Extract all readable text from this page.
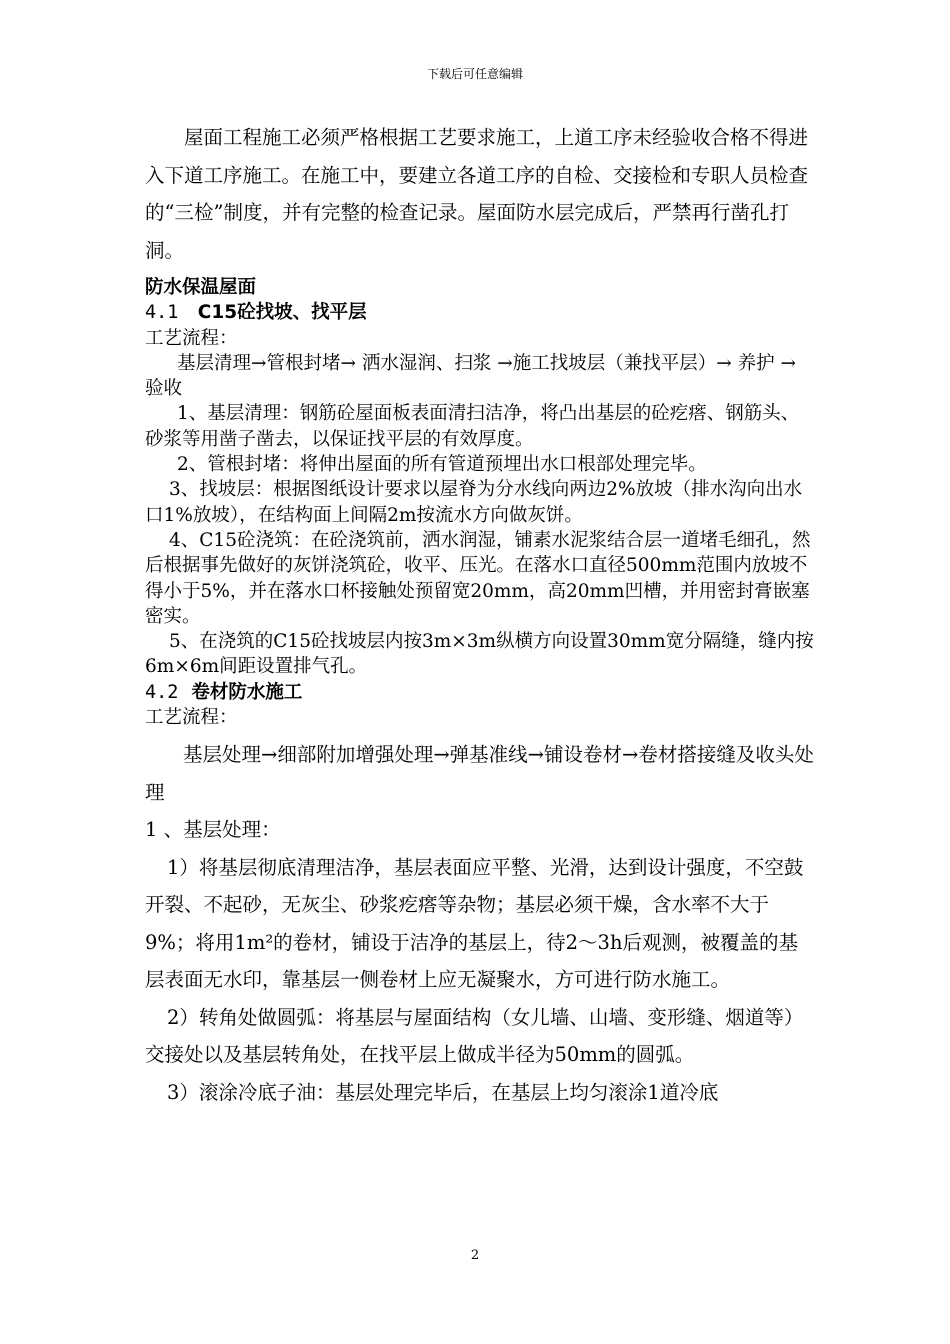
下载后可任意编辑

屋面工程施工必须严格根据工艺要求施工，上道工序未经验收合格不得进入下道工序施工。在施工中，要建立各道工序的自检、交接检和专职人员检查的“三检”制度，并有完整的检查记录。屋面防水层完成后，严禁再行凿孔打洞。

防水保温屋面

4.1 C15砼找坡、找平层

工艺流程：

基层清理→管根封堵→ 洒水湿润、扫浆 →施工找坡层（兼找平层）→ 养护 → 验收

1、基层清理：钢筋砼屋面板表面清扫洁净，将凸出基层的砼疙瘩、钢筋头、砂浆等用凿子凿去，以保证找平层的有效厚度。

2、管根封堵：将伸出屋面的所有管道预埋出水口根部处理完毕。

3、找坡层：根据图纸设计要求以屋脊为分水线向两边2%放坡（排水沟向出水口1%放坡），在结构面上间隔2m按流水方向做灰饼。

4、C15砼浇筑：在砼浇筑前，洒水润湿，铺素水泥浆结合层一道堵毛细孔，然后根据事先做好的灰饼浇筑砼，收平、压光。在落水口直径500mm范围内放坡不得小于5%，并在落水口杯接触处预留宽20mm，高20mm凹槽，并用密封膏嵌塞密实。

5、在浇筑的C15砼找坡层内按3m×3m纵横方向设置30mm宽分隔缝，缝内按6m×6m间距设置排气孔。

4.2 卷材防水施工

工艺流程：

基层处理→细部附加增强处理→弹基准线→铺设卷材→卷材搭接缝及收头处理

1 、基层处理：

1）将基层彻底清理洁净，基层表面应平整、光滑，达到设计强度，不空鼓开裂、不起砂，无灰尘、砂浆疙瘩等杂物；基层必须干燥，含水率不大于9%；将用1m²的卷材，铺设于洁净的基层上，待2～3h后观测，被覆盖的基层表面无水印，靠基层一侧卷材上应无凝聚水，方可进行防水施工。

2）转角处做圆弧：将基层与屋面结构（女儿墙、山墙、变形缝、烟道等）交接处以及基层转角处，在找平层上做成半径为50mm的圆弧。

3）滚涂冷底子油：基层处理完毕后，在基层上均匀滚涂1道冷底

2
